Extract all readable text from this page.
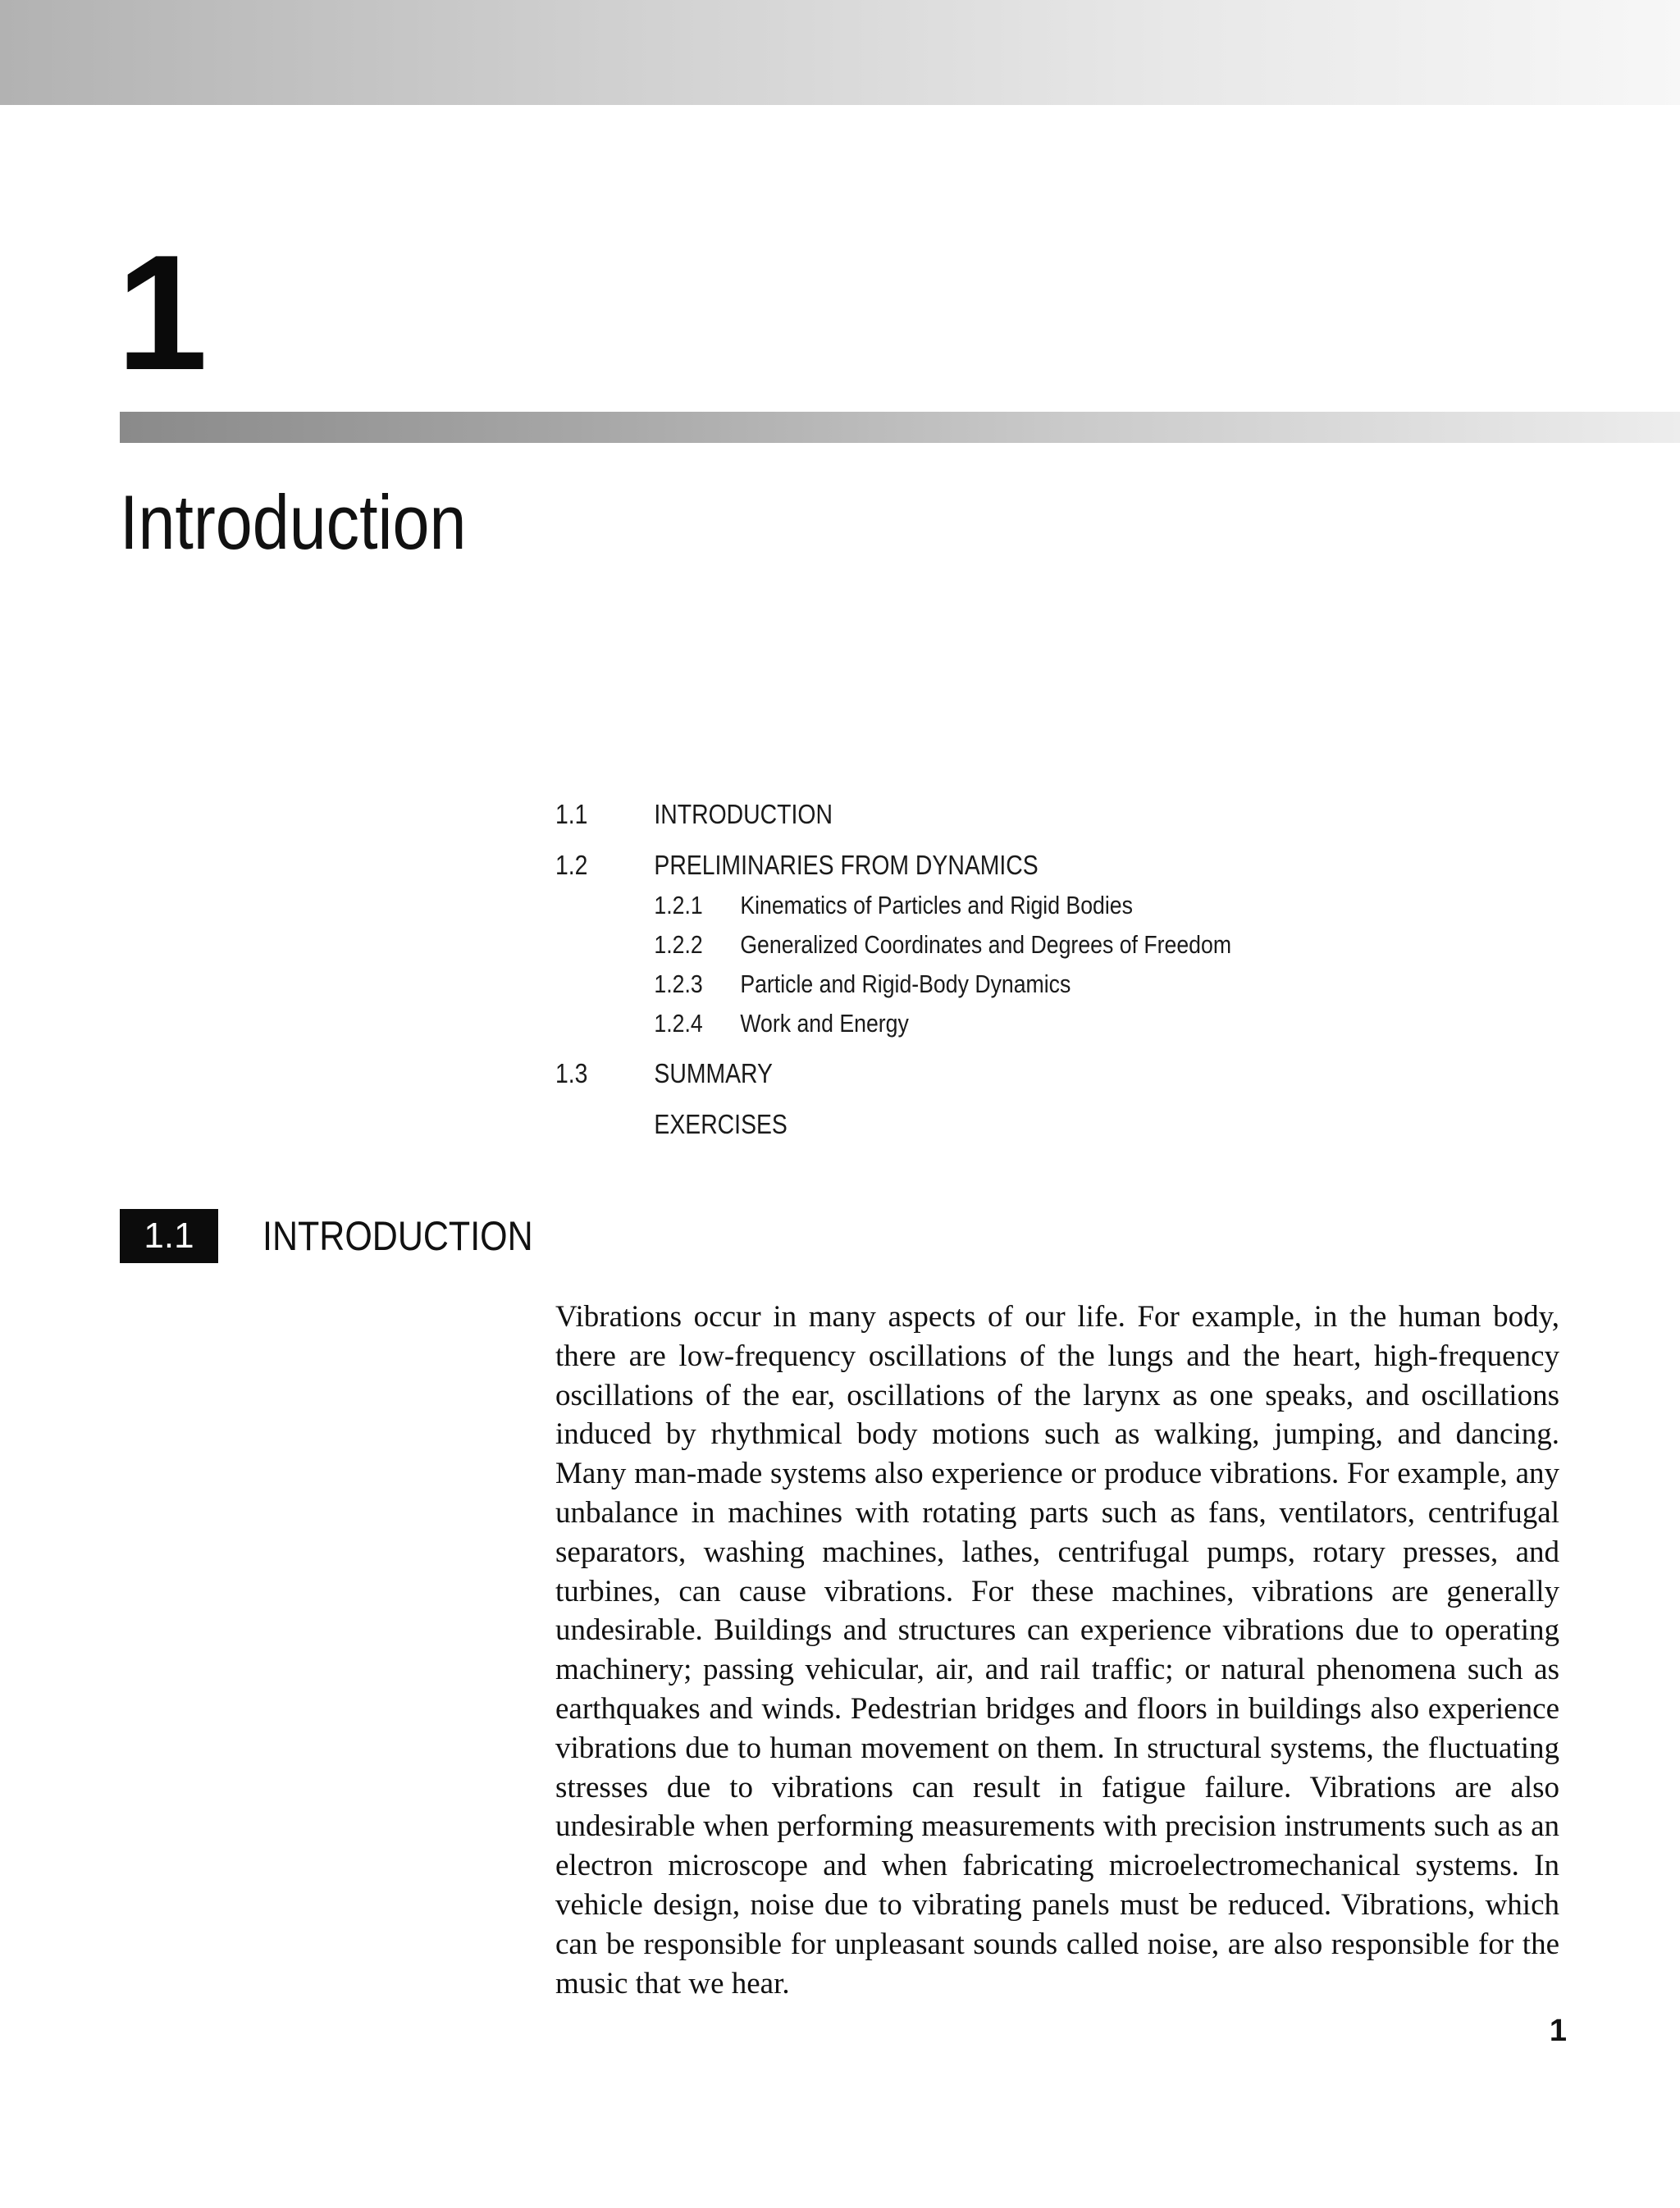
1
Introduction
1.1 INTRODUCTION
1.2 PRELIMINARIES FROM DYNAMICS
1.2.1 Kinematics of Particles and Rigid Bodies
1.2.2 Generalized Coordinates and Degrees of Freedom
1.2.3 Particle and Rigid-Body Dynamics
1.2.4 Work and Energy
1.3 SUMMARY
EXERCISES
1.1	INTRODUCTION

Vibrations occur in many aspects of our life. For example, in the human body, there are low-frequency oscillations of the lungs and the heart, high-frequency oscillations of the ear, oscillations of the larynx as one speaks, and oscillations induced by rhythmical body motions such as walking, jumping, and dancing. Many man-made systems also experience or produce vibrations. For example, any unbalance in machines with rotating parts such as fans, ventilators, centrifugal separators, washing machines, lathes, centrifugal pumps, rotary presses, and turbines, can cause vibrations. For these machines, vibrations are generally undesirable. Buildings and structures can experience vibrations due to operating machinery; passing vehicular, air, and rail traffic; or natural phenomena such as earthquakes and winds. Pedestrian bridges and floors in buildings also experience vibrations due to human movement on them. In structural systems, the fluctuating stresses due to vibrations can result in fatigue failure. Vibrations are also undesirable when performing measurements with precision instruments such as an electron microscope and when fabricating microelectromechanical systems. In vehicle design, noise due to vibrating panels must be reduced. Vibrations, which can be responsible for unpleasant sounds called noise, are also responsible for the music that we hear.

1
